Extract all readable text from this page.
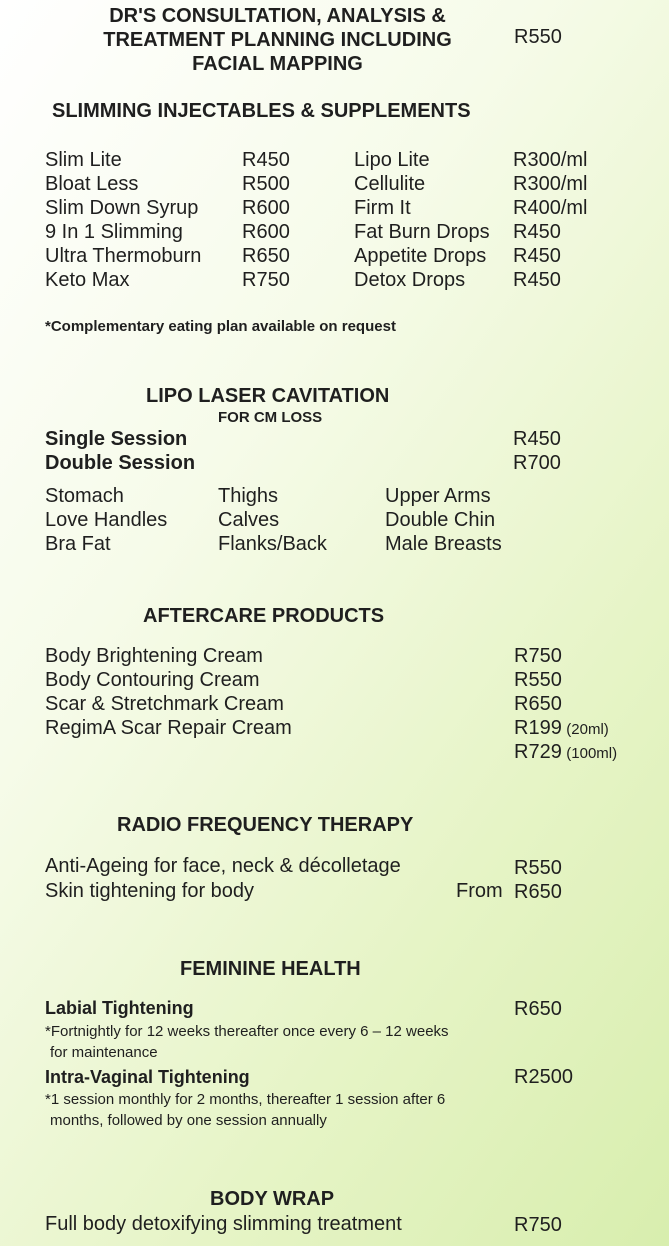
DR'S CONSULTATION, ANALYSIS &
TREATMENT PLANNING INCLUDING
FACIAL MAPPING
R550
SLIMMING INJECTABLES & SUPPLEMENTS
Slim Lite	R450	Lipo Lite	R300/ml
Bloat Less	R500	Cellulite	R300/ml
Slim Down Syrup R600	Firm It	R400/ml
9 In 1 Slimming	R600	Fat Burn Drops R450
Ultra Thermoburn R650	Appetite Drops R450
Keto Max	R750	Detox Drops R450
*Complementary eating plan available on request
LIPO LASER CAVITATION
FOR CM LOSS
Single Session	R450
Double Session	R700
Stomach	Thighs	Upper Arms
Love Handles	Calves	Double Chin
Bra Fat	Flanks/Back	Male Breasts
AFTERCARE PRODUCTS
Body Brightening Cream	R750
Body Contouring Cream	R550
Scar & Stretchmark Cream	R650
RegimA Scar Repair Cream	R199 (20ml)
R729 (100ml)
RADIO FREQUENCY THERAPY
Anti-Ageing for face, neck & décolletage	R550
Skin tightening for body	From R650
FEMININE HEALTH
Labial Tightening	R650
*Fortnightly for 12 weeks thereafter once every 6 – 12 weeks
for maintenance
Intra-Vaginal Tightening	R2500
*1 session monthly for 2 months, thereafter 1 session after 6
months, followed by one session annually
BODY WRAP
Full body detoxifying slimming treatment	R750
